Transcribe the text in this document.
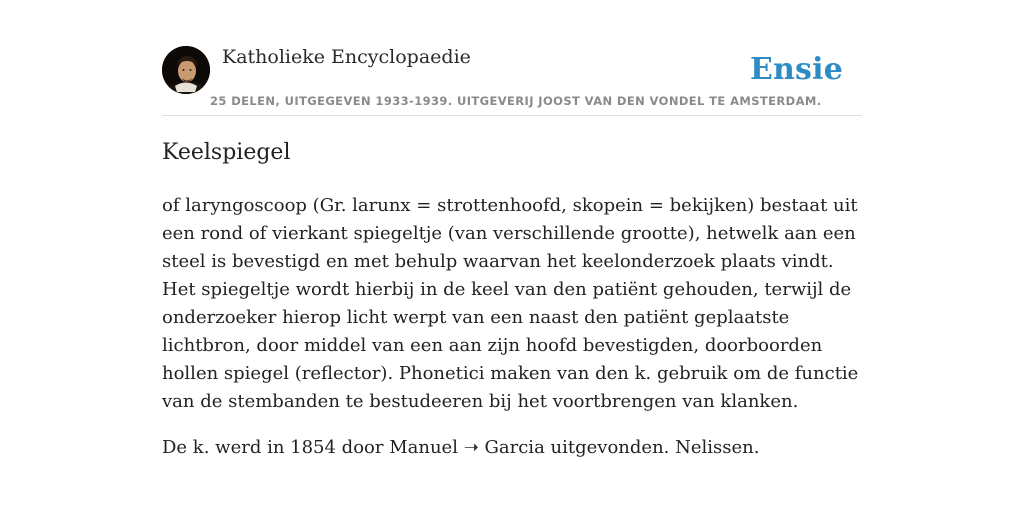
Katholieke Encyclopaedie	Ensie
25 DELEN, UITGEGEVEN 1933-1939. UITGEVERIJ JOOST VAN DEN VONDEL TE AMSTERDAM.
Keelspiegel

of laryngoscoop (Gr. larunx = strottenhoofd, skopein = bekijken) bestaat uit een rond of vierkant spiegeltje (van verschillende grootte), hetwelk aan een steel is bevestigd en met behulp waarvan het keelonderzoek plaats vindt. Het spiegeltje wordt hierbij in de keel van den patiënt gehouden, terwijl de onderzoeker hierop licht werpt van een naast den patiënt geplaatste lichtbron, door middel van een aan zijn hoofd bevestigden, doorboorden hollen spiegel (reflector). Phonetici maken van den k. gebruik om de functie van de stembanden te bestudeeren bij het voortbrengen van klanken.

De k. werd in 1854 door Manuel ➝ Garcia uitgevonden. Nelissen.
